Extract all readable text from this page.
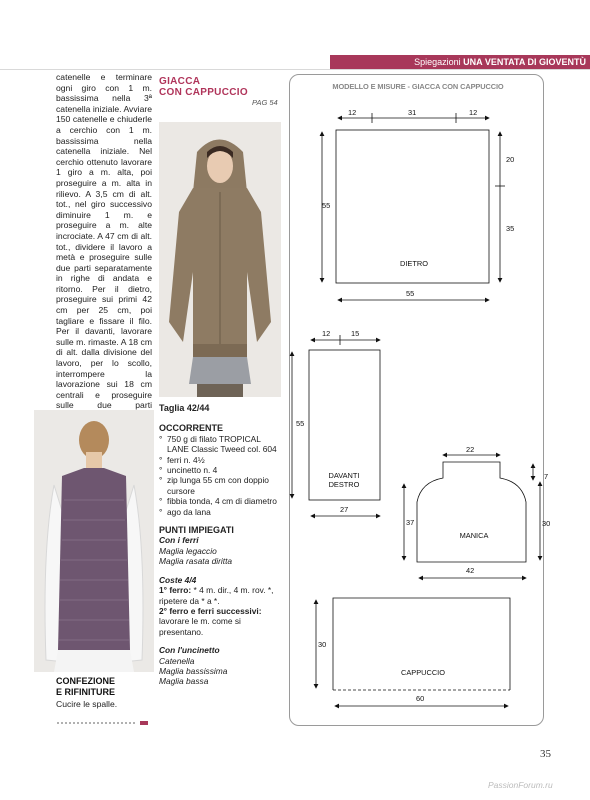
Spiegazioni UNA VENTATA DI GIOVENTÙ
catenelle e terminare ogni giro con 1 m. bassissima nella 3ª catenella iniziale. Avviare 150 catenelle e chiuderle a cerchio con 1 m. bassissima nella catenella iniziale. Nel cerchio ottenuto lavorare 1 giro a m. alta, poi proseguire a m. alta in rilievo. A 3,5 cm di alt. tot., nel giro successivo diminuire 1 m. e proseguire a m. alte incrociate. A 47 cm di alt. tot., dividere il lavoro a metà e proseguire sulle due parti separatamente in righe di andata e ritorno. Per il dietro, proseguire sui primi 42 cm per 25 cm, poi tagliare e fissare il filo. Per il davanti, lavorare sulle m. rimaste. A 18 cm di alt. dalla divisione del lavoro, per lo scollo, interrompere la lavorazione sui 18 cm centrali e proseguire sulle due parti
CONFEZIONE
E RIFINITURE
Cucire le spalle.
GIACCA
CON CAPPUCCIO
PAG 54
Taglia 42/44
OCCORRENTE
° 750 g di filato TROPICAL LANE Classic Tweed col. 604
° ferri n. 4½
° uncinetto n. 4
° zip lunga 55 cm con doppio cursore
° fibbia tonda, 4 cm di diametro
° ago da lana
PUNTI IMPIEGATI
Con i ferri
Maglia legaccio
Maglia rasata diritta
Coste 4/4
1° ferro: * 4 m. dir., 4 m. rov. *, ripetere da * a *.
2° ferro e ferri successivi: lavorare le m. come si presentano.
Con l'uncinetto
Catenella
Maglia bassissima
Maglia bassa
MODELLO E MISURE - GIACCA CON CAPPUCCIO
12	31	12
20
35
55
55
DIETRO
12	15
55
27
DAVANTI
DESTRO
22
7
30
37
42
MANICA
30
60
CAPPUCCIO
35
PassionForum.ru
